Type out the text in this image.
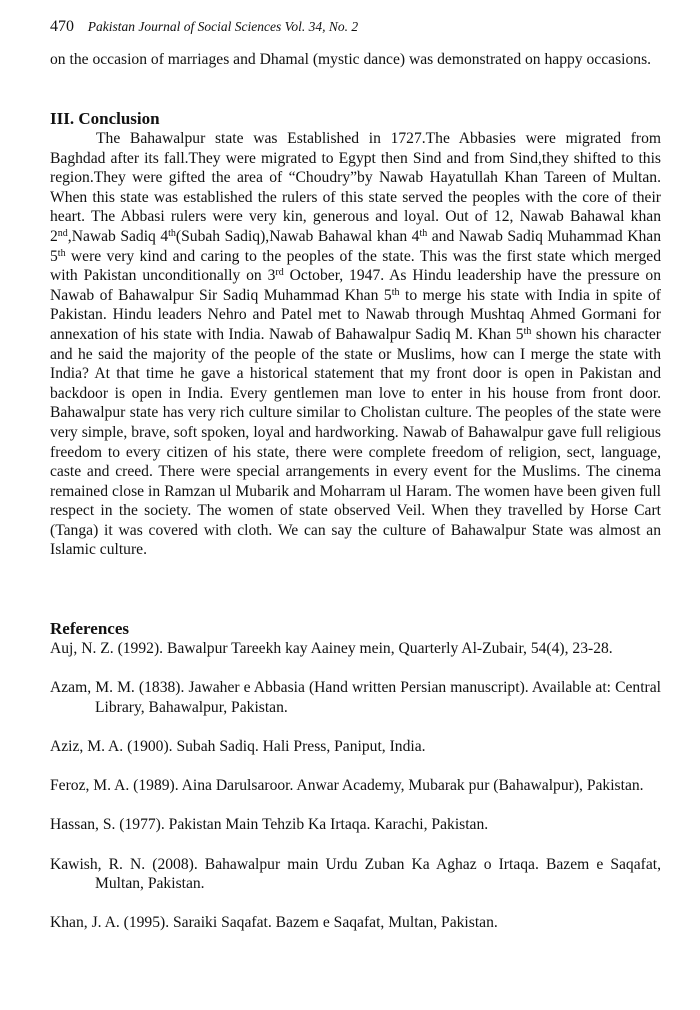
470 Pakistan Journal of Social Sciences Vol. 34, No. 2
on the occasion of marriages and Dhamal (mystic dance) was demonstrated on happy occasions.
III. Conclusion
The Bahawalpur state was Established in 1727.The Abbasies were migrated from Baghdad after its fall.They were migrated to Egypt then Sind and from Sind,they shifted to this region.They were gifted the area of “Choudry”by Nawab Hayatullah Khan Tareen of Multan. When this state was established the rulers of this state served the peoples with the core of their heart. The Abbasi rulers were very kin, generous and loyal. Out of 12, Nawab Bahawal khan 2nd,Nawab Sadiq 4th(Subah Sadiq),Nawab Bahawal khan 4th and Nawab Sadiq Muhammad Khan 5th were very kind and caring to the peoples of the state. This was the first state which merged with Pakistan unconditionally on 3rd October, 1947. As Hindu leadership have the pressure on Nawab of Bahawalpur Sir Sadiq Muhammad Khan 5th to merge his state with India in spite of Pakistan. Hindu leaders Nehro and Patel met to Nawab through Mushtaq Ahmed Gormani for annexation of his state with India. Nawab of Bahawalpur Sadiq M. Khan 5th shown his character and he said the majority of the people of the state or Muslims, how can I merge the state with India? At that time he gave a historical statement that my front door is open in Pakistan and backdoor is open in India. Every gentlemen man love to enter in his house from front door. Bahawalpur state has very rich culture similar to Cholistan culture. The peoples of the state were very simple, brave, soft spoken, loyal and hardworking. Nawab of Bahawalpur gave full religious freedom to every citizen of his state, there were complete freedom of religion, sect, language, caste and creed. There were special arrangements in every event for the Muslims. The cinema remained close in Ramzan ul Mubarik and Moharram ul Haram. The women have been given full respect in the society. The women of state observed Veil. When they travelled by Horse Cart (Tanga) it was covered with cloth. We can say the culture of Bahawalpur State was almost an Islamic culture.
References
Auj, N. Z. (1992). Bawalpur Tareekh kay Aainey mein, Quarterly Al-Zubair, 54(4), 23-28.
Azam, M. M. (1838). Jawaher e Abbasia (Hand written Persian manuscript). Available at: Central Library, Bahawalpur, Pakistan.
Aziz, M. A. (1900). Subah Sadiq. Hali Press, Paniput, India.
Feroz, M. A. (1989). Aina Darulsaroor. Anwar Academy, Mubarak pur (Bahawalpur), Pakistan.
Hassan, S. (1977). Pakistan Main Tehzib Ka Irtaqa. Karachi, Pakistan.
Kawish, R. N. (2008). Bahawalpur main Urdu Zuban Ka Aghaz o Irtaqa. Bazem e Saqafat, Multan, Pakistan.
Khan, J. A. (1995). Saraiki Saqafat. Bazem e Saqafat, Multan, Pakistan.
